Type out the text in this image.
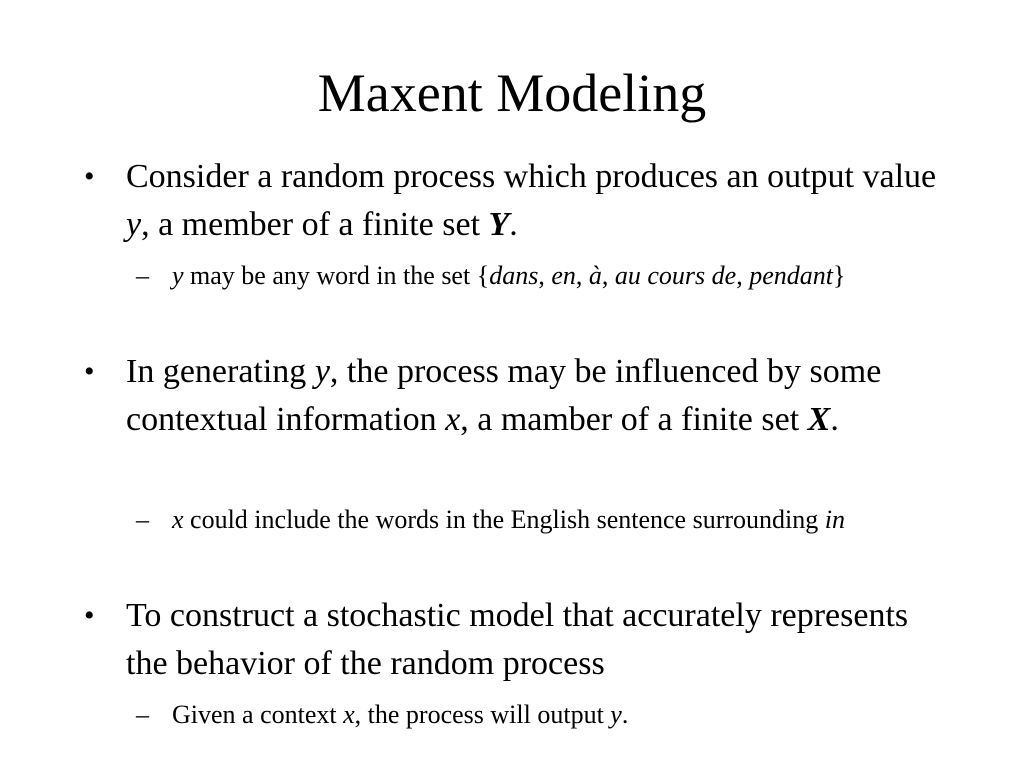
Maxent Modeling
• Consider a random process which produces an output value y, a member of a finite set Y.
– y may be any word in the set {dans, en, à, au cours de, pendant}
• In generating y, the process may be influenced by some contextual information x, a mamber of a finite set X.
– x could include the words in the English sentence surrounding in
• To construct a stochastic model that accurately represents the behavior of the random process
– Given a context x, the process will output y.
